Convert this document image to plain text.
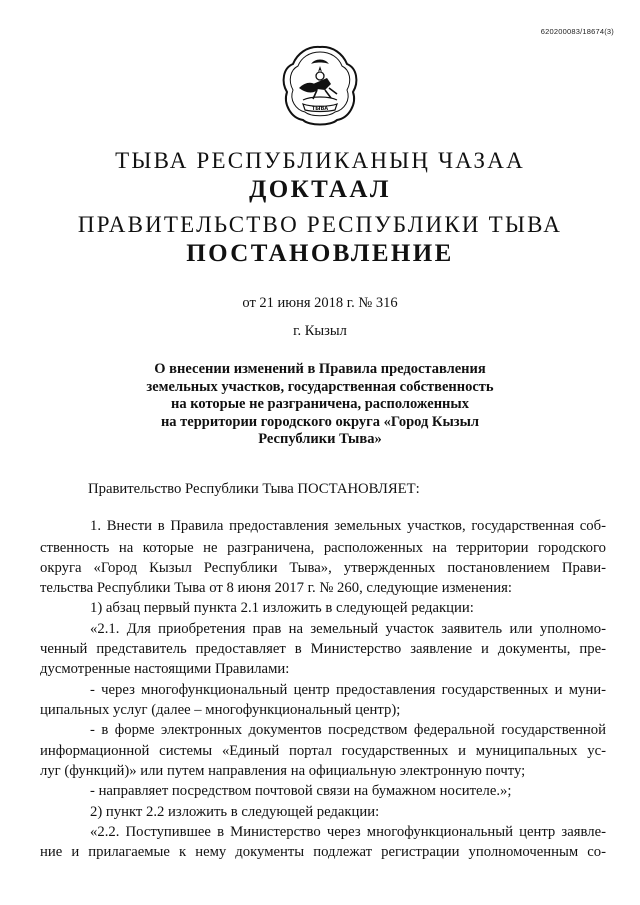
620200083/18674(3)
ТЫВА
ТЫВА РЕСПУБЛИКАНЫҢ ЧАЗАА
ДОКТААЛ
ПРАВИТЕЛЬСТВО РЕСПУБЛИКИ ТЫВА
ПОСТАНОВЛЕНИЕ
от 21 июня 2018 г. № 316
г. Кызыл
О внесении изменений в Правила предоставления
земельных участков, государственная собственность
на которые не разграничена, расположенных
на территории городского округа «Город Кызыл
Республики Тыва»
Правительство Республики Тыва ПОСТАНОВЛЯЕТ:
1. Внести в Правила предоставления земельных участков, государственная соб-
ственность на которые не разграничена, расположенных на территории городского
округа «Город Кызыл Республики Тыва», утвержденных постановлением Прави-
тельства Республики Тыва от 8 июня 2017 г. № 260, следующие изменения:
1) абзац первый пункта 2.1 изложить в следующей редакции:
«2.1. Для приобретения прав на земельный участок заявитель или уполномо-
ченный представитель предоставляет в Министерство заявление и документы, пре-
дусмотренные настоящими Правилами:
- через многофункциональный центр предоставления государственных и муни-
ципальных услуг (далее – многофункциональный центр);
- в форме электронных документов посредством федеральной государственной
информационной системы «Единый портал государственных и муниципальных ус-
луг (функций)» или путем направления на официальную электронную почту;
- направляет посредством почтовой связи на бумажном носителе.»;
2) пункт 2.2 изложить в следующей редакции:
«2.2. Поступившее в Министерство через многофункциональный центр заявле-
ние и прилагаемые к нему документы подлежат регистрации уполномоченным со-
